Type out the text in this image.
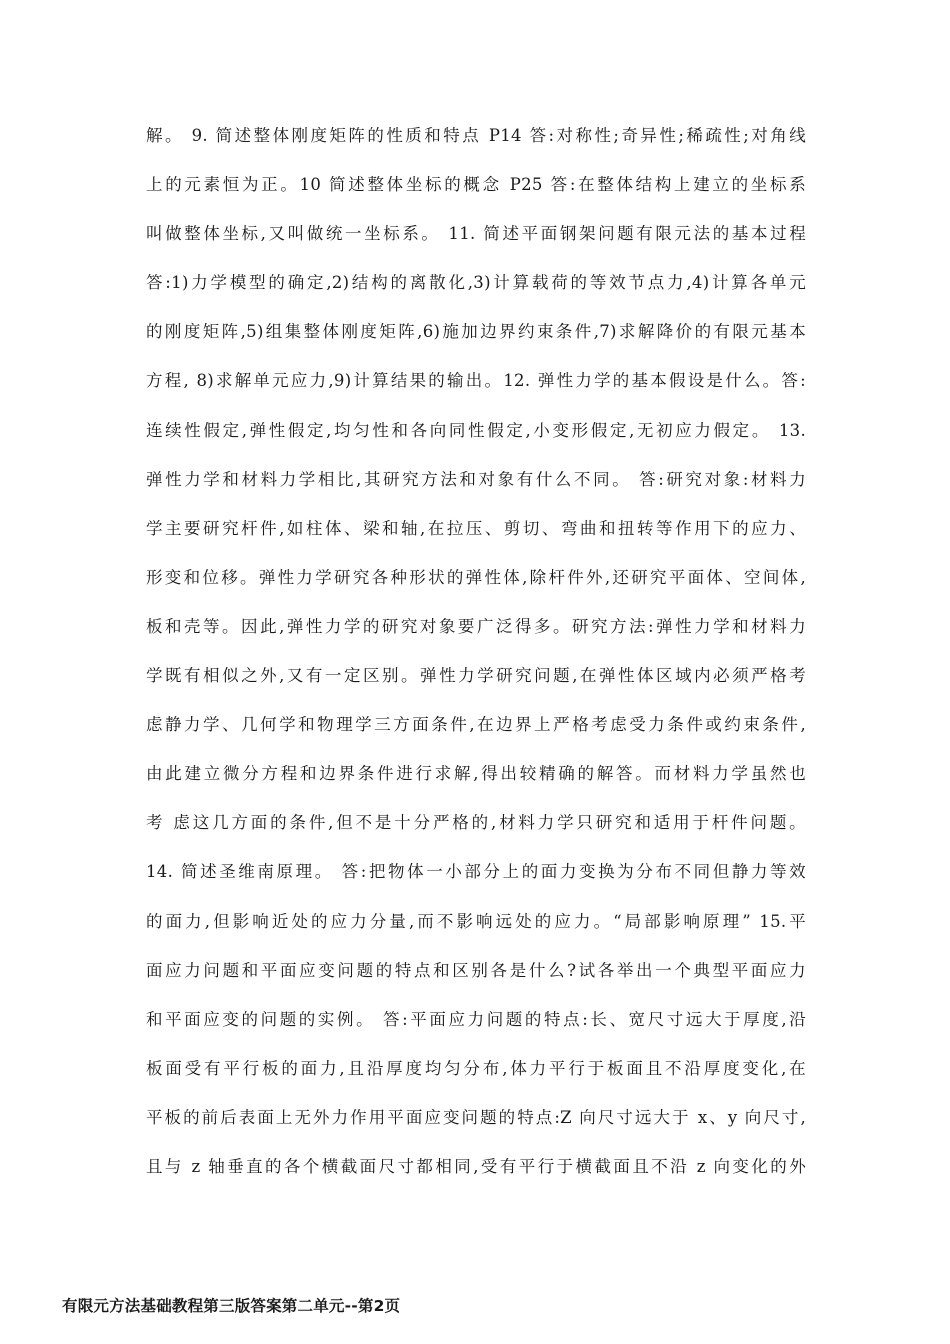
解。 9. 简述整体刚度矩阵的性质和特点 P14 答:对称性;奇异性;稀疏性;对角线
上的元素恒为正。10 简述整体坐标的概念 P25 答:在整体结构上建立的坐标系
叫做整体坐标,又叫做统一坐标系。 11. 简述平面钢架问题有限元法的基本过程
答:1)力学模型的确定,2)结构的离散化,3)计算载荷的等效节点力,4)计算各单元
的刚度矩阵,5)组集整体刚度矩阵,6)施加边界约束条件,7)求解降价的有限元基本
方程, 8)求解单元应力,9)计算结果的输出。12. 弹性力学的基本假设是什么。答:
连续性假定,弹性假定,均匀性和各向同性假定,小变形假定,无初应力假定。 13.
弹性力学和材料力学相比,其研究方法和对象有什么不同。 答:研究对象:材料力
学主要研究杆件,如柱体、梁和轴,在拉压、剪切、弯曲和扭转等作用下的应力、
形变和位移。弹性力学研究各种形状的弹性体,除杆件外,还研究平面体、空间体,
板和壳等。因此,弹性力学的研究对象要广泛得多。研究方法:弹性力学和材料力
学既有相似之外,又有一定区别。弹性力学研究问题,在弹性体区域内必须严格考
虑静力学、几何学和物理学三方面条件,在边界上严格考虑受力条件或约束条件,
由此建立微分方程和边界条件进行求解,得出较精确的解答。而材料力学虽然也
考 虑这几方面的条件,但不是十分严格的,材料力学只研究和适用于杆件问题。
14. 简述圣维南原理。 答:把物体一小部分上的面力变换为分布不同但静力等效
的面力,但影响近处的应力分量,而不影响远处的应力。“局部影响原理” 15.平
面应力问题和平面应变问题的特点和区别各是什么?试各举出一个典型平面应力
和平面应变的问题的实例。 答:平面应力问题的特点:长、宽尺寸远大于厚度,沿
板面受有平行板的面力,且沿厚度均匀分布,体力平行于板面且不沿厚度变化,在
平板的前后表面上无外力作用平面应变问题的特点:Z 向尺寸远大于 x、y 向尺寸,
且与 z 轴垂直的各个横截面尺寸都相同,受有平行于横截面且不沿 z 向变化的外
有限元方法基础教程第三版答案第二单元--第2页
